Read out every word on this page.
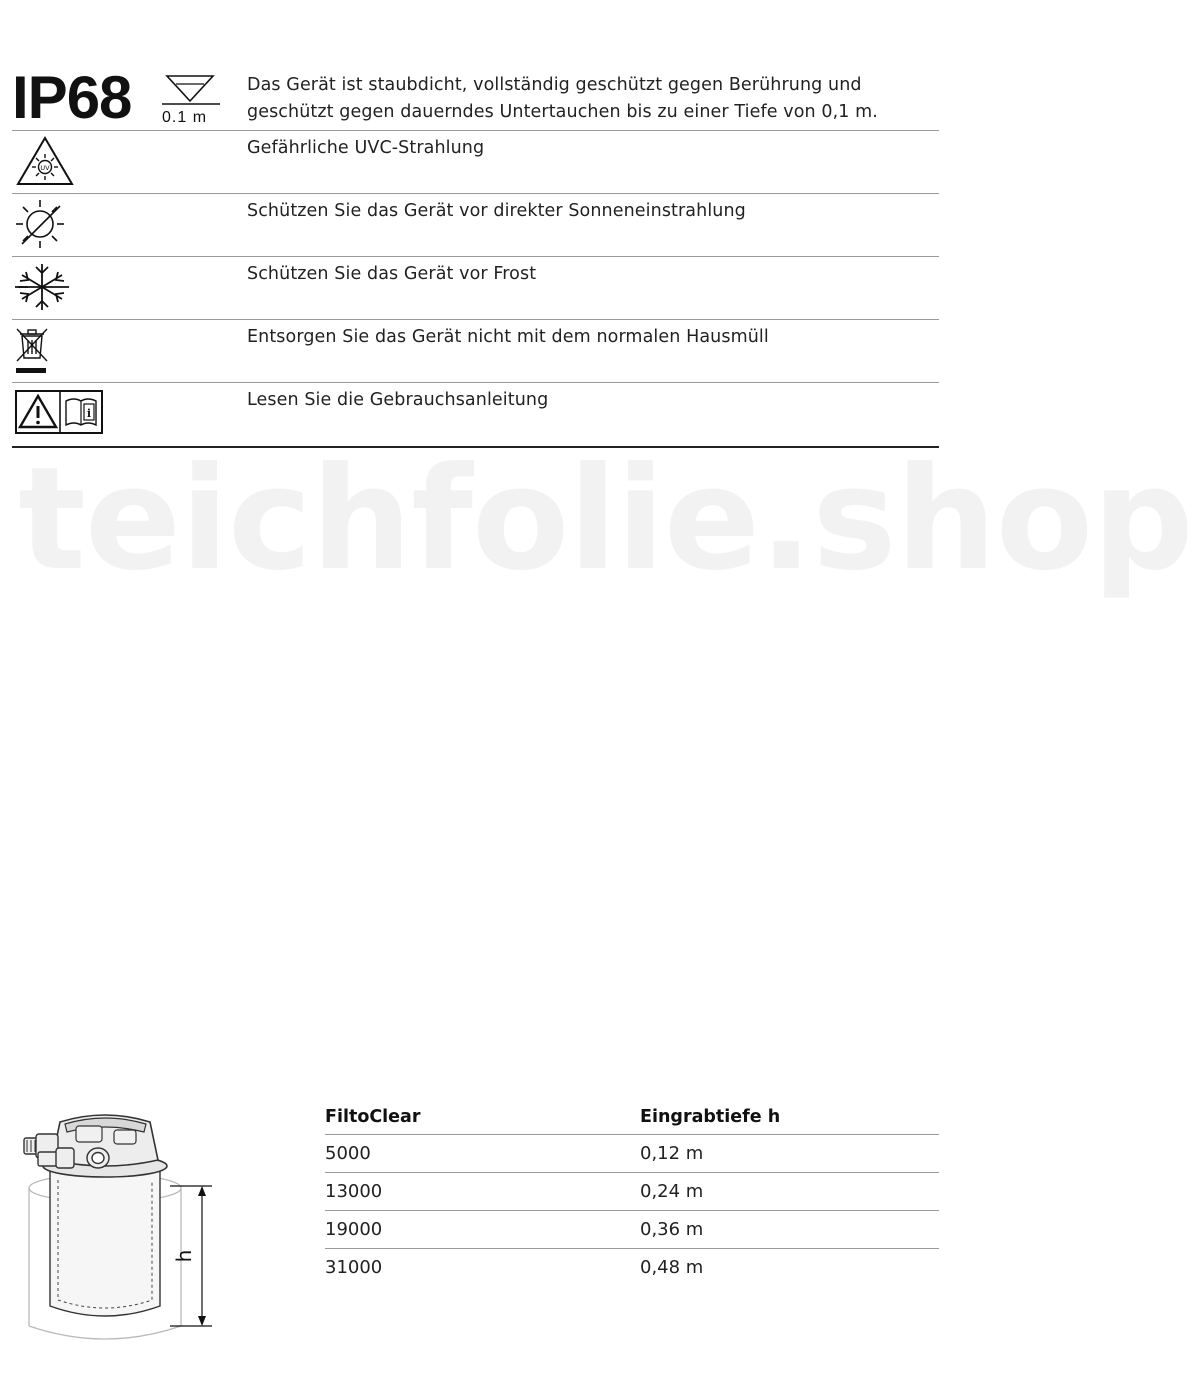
teichfolie.shop
IP68 0.1 m
Das Gerät ist staubdicht, vollständig geschützt gegen Berührung und geschützt gegen dauerndes Untertauchen bis zu einer Tiefe von 0,1 m.
UV
Gefährliche UVC-Strahlung
Schützen Sie das Gerät vor direkter Sonneneinstrahlung
Schützen Sie das Gerät vor Frost
Entsorgen Sie das Gerät nicht mit dem normalen Hausmüll
i
Lesen Sie die Gebrauchsanleitung
h
FiltoClear	Eingrabtiefe h
5000	0,12 m
13000	0,24 m
19000	0,36 m
31000	0,48 m
